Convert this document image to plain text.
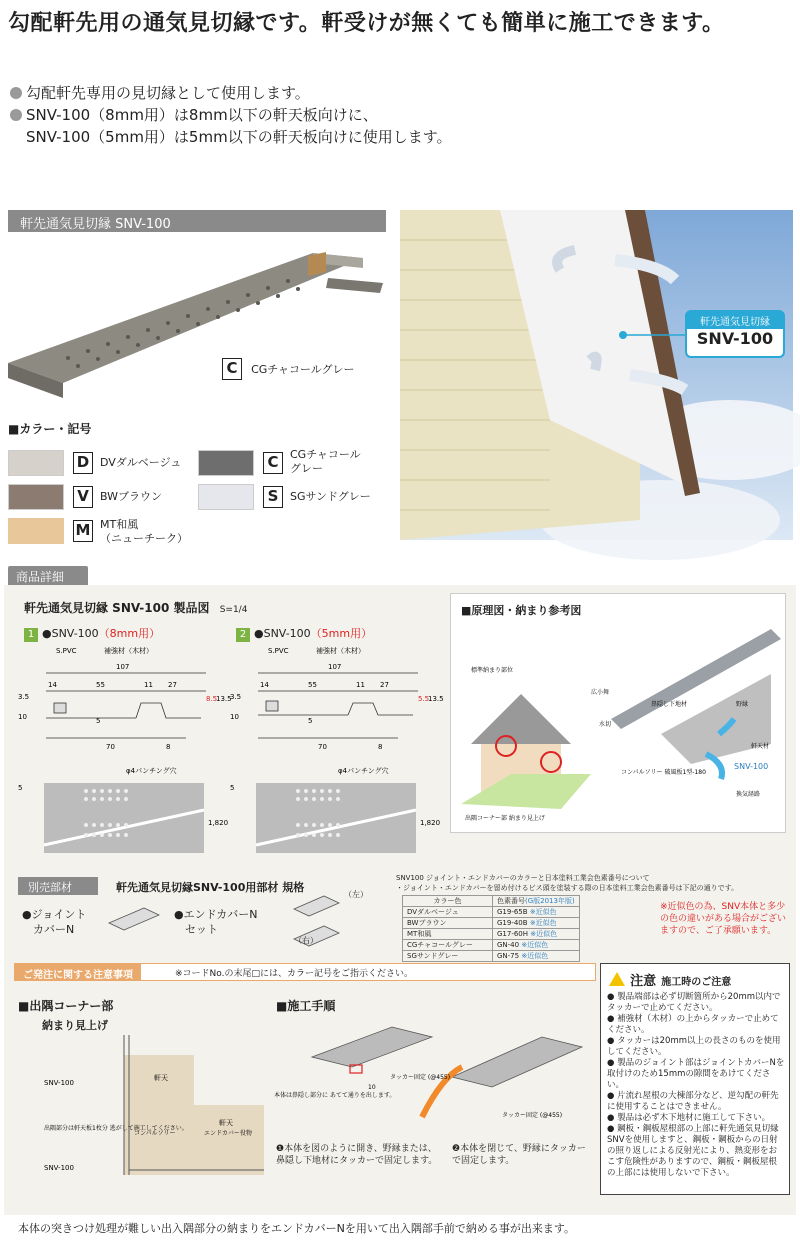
勾配軒先用の通気見切縁です。軒受けが無くても簡単に施工できます。
勾配軒先専用の見切縁として使用します。
SNV-100（8mm用）は8mm以下の軒天板向けに、
SNV-100（5mm用）は5mm以下の軒天板向けに使用します。
軒先通気見切縁 SNV-100
C CGチャコールグレー
■カラー・記号
D DVダルベージュ	C	CGチャコール
グレー
V	BWブラウン	S	SGサンドグレー
M MT和風
（ニューチーク）
軒先通気見切縁
SNV-100
商品詳細
軒先通気見切縁 SNV-100 製品図 S=1/4
1 ●SNV-100（8mm用）	2 ●SNV-100（5mm用）
S.PVC	補強材（木材）
107
14	55	11 27
3.5	8.5
13.5
10	5
70	8
S.PVC	補強材（木材）
107
14	55	11 27
3.5	5.5
13.5
10	5
70	8
φ4パンチング穴
5
1,820
φ4パンチング穴
5
1,820
■原理図・納まり参考図
標準納まり部位
出隅コーナー部 納まり見上げ
広小舞
鼻隠し下地材
水切
野縁
軒天材
コンパルソリー 破風板1型-180
SNV-100
換気経路
別売部材	軒先通気見切縁SNV-100用部材 規格
●ジョイント
　カバーN
●エンドカバーN
　セット
（左）
（右）
SNV100 ジョイント・エンドカバーのカラーと日本塗料工業会色素番号について
・ジョイント・エンドカバーを留め付けるビス頭を塗装する際の日本塗料工業会色素番号は下記の通りです。
カラー色	色素番号(G版2013年版)
DVダルベージュ	G19-65B ※近似色
BWブラウン	G19-40B ※近似色
MT和風	G17-60H ※近似色
CGチャコールグレー	GN-40 ※近似色
SGサンドグレー	GN-75 ※近似色
※近似色の為、SNV本体と多少の色の違いがある場合がございますので、ご了承願います。
ご発注に関する注意事項	※コードNo.の末尾□には、カラー記号をご指示ください。
■出隅コーナー部
納まり見上げ
SNV-100
SNV-100
軒天
軒天
エンドカバー役物
コンパルソリー
出隅部分は軒天板1枚分 逃がして施工してください。
■施工手順
本体は鼻隠し部分に あてて通りを出します。
タッカー固定 (@455)
タッカー固定 (@455)
10
❶本体を図のように開き、野縁または、鼻隠し下地材にタッカーで固定します。
❷本体を閉じて、野縁にタッカーで固定します。
注意 施工時のご注意
● 製品端部は必ず切断箇所から20mm以内でタッカーで止めてください。
● 補強材（木材）の上からタッカーで止めてください。
● タッカーは20mm以上の長さのものを使用してください。
● 製品のジョイント部はジョイントカバーNを取付けのため15mmの隙間をあけてください。
● 片流れ屋根の大棟部分など、逆勾配の軒先に使用することはできません。
● 製品は必ず木下地材に施工して下さい。
● 鋼板・鋼板屋根部の上部に軒先通気見切縁SNVを使用しますと、鋼板・鋼板からの日射の照り返しによる反射光により、熱変形をおこす危険性がありますので、鋼板・鋼板屋根の上部には使用しないで下さい。
本体の突きつけ処理が難しい出入隅部分の納まりをエンドカバーNを用いて出入隅部手前で納める事が出来ます。
